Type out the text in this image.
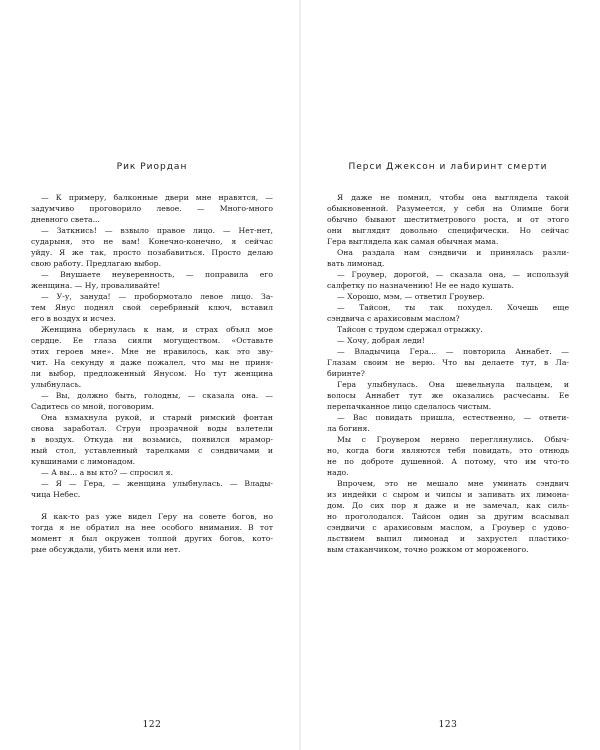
Рик Риордан
— К примеру, балконные двери мне нравятся, —
задумчиво проговорило левое. — Много-много
дневного света...
— Заткнись! — взвыло правое лицо. — Нет-нет,
сударыня, это не вам! Конечно-конечно, я сейчас
уйду. Я же так, просто позабавиться. Просто делаю
свою работу. Предлагаю выбор.
— Внушаете неуверенность, — поправила его
женщина. — Ну, проваливайте!
— У-у, зануда! — пробормотало левое лицо. За-
тем Янус поднял свой серебряный ключ, вставил
его в воздух и исчез.
Женщина обернулась к нам, и страх объял мое
сердце. Ее глаза сияли могуществом. «Оставьте
этих героев мне». Мне не нравилось, как это зву-
чит. На секунду я даже пожалел, что мы не приня-
ли выбор, предложенный Янусом. Но тут женщина
улыбнулась.
— Вы, должно быть, голодны, — сказала она. —
Садитесь со мной, поговорим.
Она взмахнула рукой, и старый римский фонтан
снова заработал. Струи прозрачной воды взлетели
в воздух. Откуда ни возьмись, появился мрамор-
ный стол, уставленный тарелками с сэндвичами и
кувшинами с лимонадом.
— А вы... а вы кто? — спросил я.
— Я — Гера, — женщина улыбнулась. — Влады-
чица Небес.
Я как-то раз уже видел Геру на совете богов, но
тогда я не обратил на нее особого внимания. В тот
момент я был окружен толпой других богов, кото-
рые обсуждали, убить меня или нет.
122
Перси Джексон и лабиринт смерти
Я даже не помнил, чтобы она выглядела такой
обыкновенной. Разумеется, у себя на Олимпе боги
обычно бывают шеститметрового роста, и от этого
они выглядят довольно специфически. Но сейчас
Гера выглядела как самая обычная мама.
Она раздала нам сэндвичи и принялась разли-
вать лимонад.
— Гроувер, дорогой, — сказала она, — используй
салфетку по назначению! Не ее надо кушать.
— Хорошо, мэм, — ответил Гроувер.
— Тайсон, ты так похудел. Хочешь еще
сэндвича с арахисовым маслом?
Тайсон с трудом сдержал отрыжку.
— Хочу, добрая леди!
— Владычица Гера... — повторила Аннабет. —
Глазам своим не верю. Что вы делаете тут, в Ла-
биринте?
Гера улыбнулась. Она шевельнула пальцем, и
волосы Аннабет тут же оказались расчесаны. Ее
перепачканное лицо сделалось чистым.
— Вас повидать пришла, естественно, — ответи-
ла богиня.
Мы с Гроувером нервно переглянулись. Обыч-
но, когда боги являются тебя повидать, это отнюдь
не по доброте душевной. А потому, что им что-то
надо.
Впрочем, это не мешало мне уминать сэндвич
из индейки с сыром и чипсы и запивать их лимона-
дом. До сих пор я даже и не замечал, как силь-
но проголодался. Тайсон один за другим всасывал
сэндвичи с арахисовым маслом, а Гроувер с удово-
льствием выпил лимонад и захрустел пластико-
вым стаканчиком, точно рожком от мороженого.
123
